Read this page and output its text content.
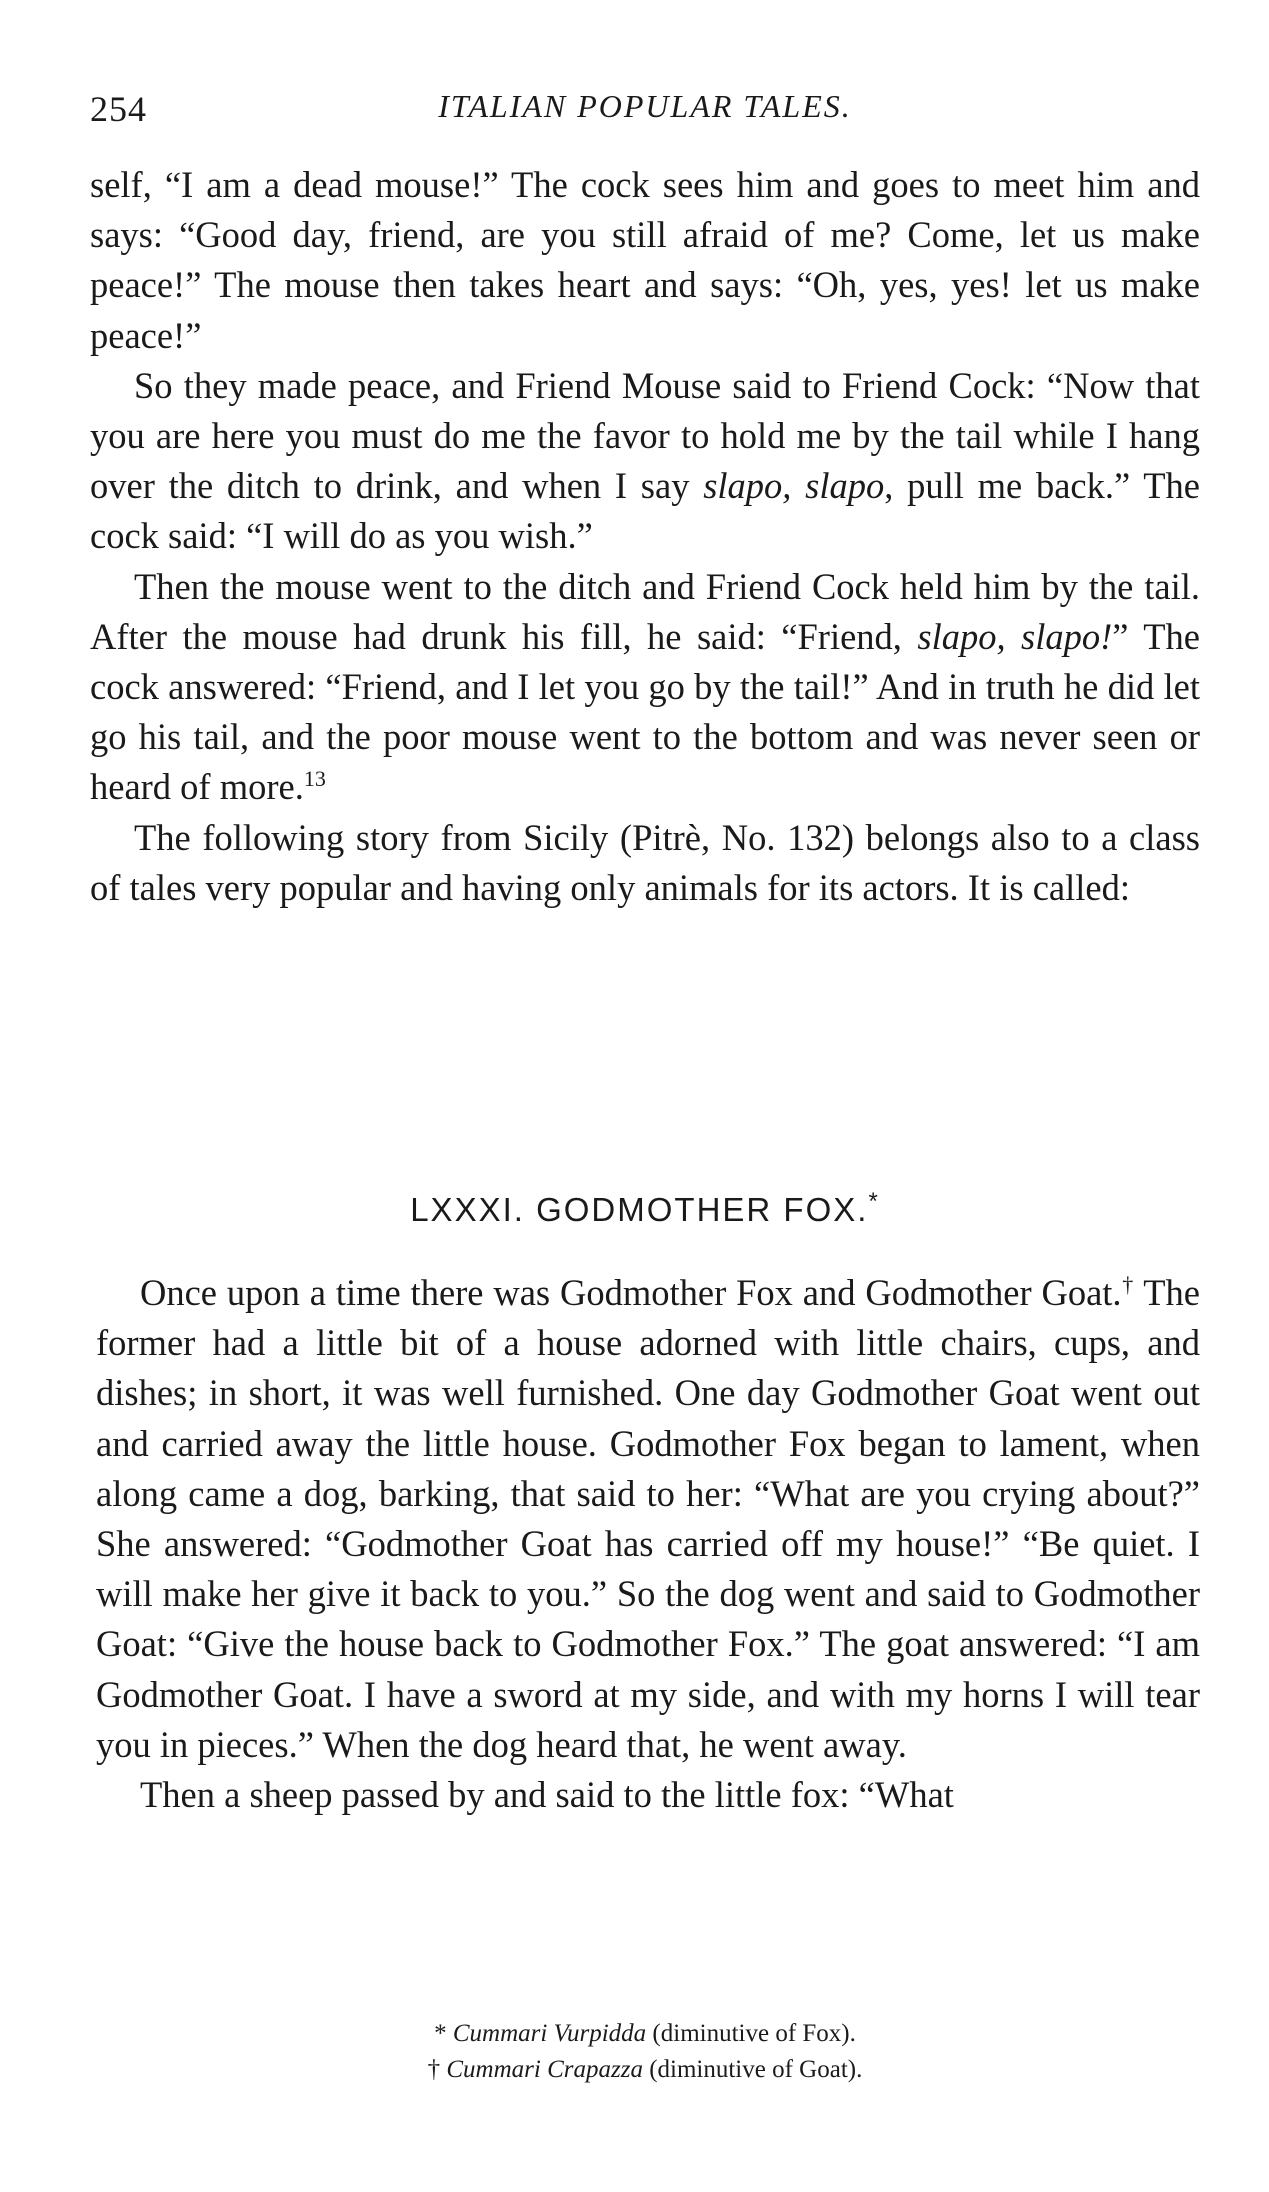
254	ITALIAN POPULAR TALES.

self, “I am a dead mouse!” The cock sees him and goes to meet him and says: “Good day, friend, are you still afraid of me? Come, let us make peace!” The mouse then takes heart and says: “Oh, yes, yes! let us make peace!”

So they made peace, and Friend Mouse said to Friend Cock: “Now that you are here you must do me the favor to hold me by the tail while I hang over the ditch to drink, and when I say slapo, slapo, pull me back.” The cock said: “I will do as you wish.”

Then the mouse went to the ditch and Friend Cock held him by the tail. After the mouse had drunk his fill, he said: “Friend, slapo, slapo!” The cock answered: “Friend, and I let you go by the tail!” And in truth he did let go his tail, and the poor mouse went to the bottom and was never seen or heard of more.$^{13}$

The following story from Sicily (Pitrè, No. 132) belongs also to a class of tales very popular and having only animals for its actors. It is called:

LXXXI. GODMOTHER FOX.*

Once upon a time there was Godmother Fox and Godmother Goat.† The former had a little bit of a house adorned with little chairs, cups, and dishes; in short, it was well furnished. One day Godmother Goat went out and carried away the little house. Godmother Fox began to lament, when along came a dog, barking, that said to her: “What are you crying about?” She answered: “Godmother Goat has carried off my house!” “Be quiet. I will make her give it back to you.” So the dog went and said to Godmother Goat: “Give the house back to Godmother Fox.” The goat answered: “I am Godmother Goat. I have a sword at my side, and with my horns I will tear you in pieces.” When the dog heard that, he went away.

Then a sheep passed by and said to the little fox: “What

* Cummari Vurpidda (diminutive of Fox).
† Cummari Crapazza (diminutive of Goat).
